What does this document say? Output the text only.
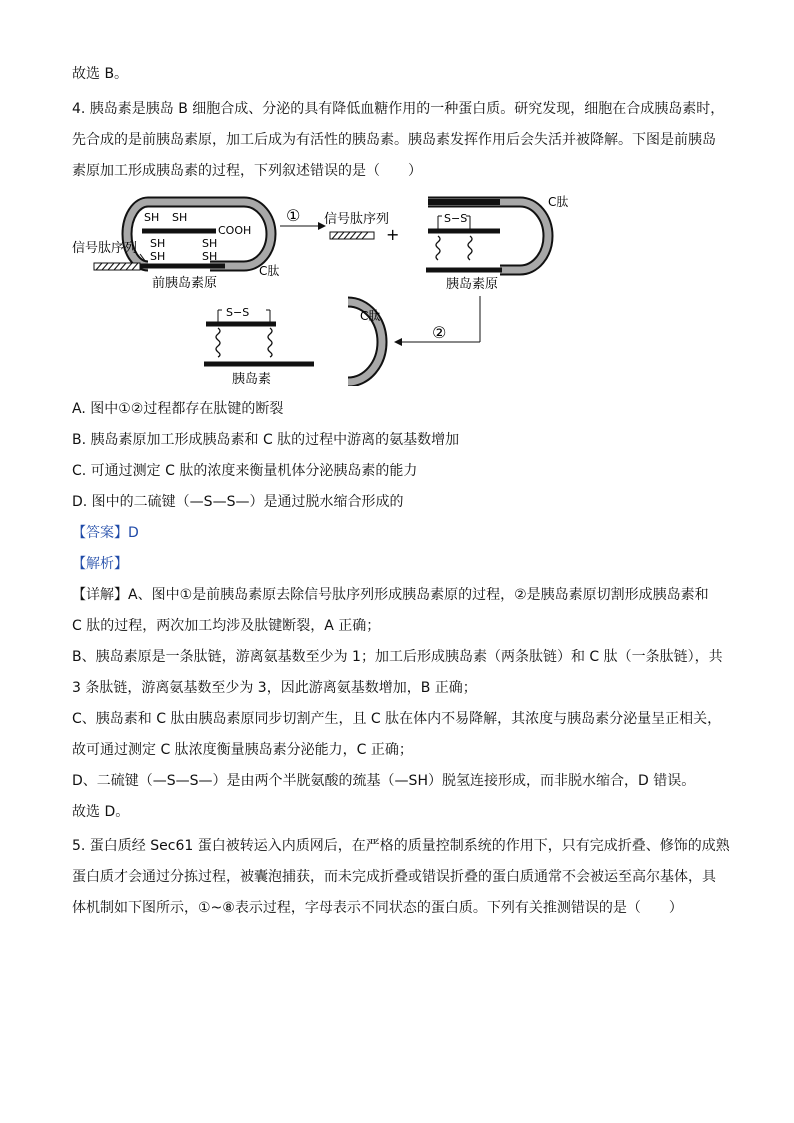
故选 B。
4. 胰岛素是胰岛 B 细胞合成、分泌的具有降低血糖作用的一种蛋白质。研究发现，细胞在合成胰岛素时，
先合成的是前胰岛素原，加工后成为有活性的胰岛素。胰岛素发挥作用后会失活并被降解。下图是前胰岛
素原加工形成胰岛素的过程，下列叙述错误的是（　　）
SH SH
COOH
SH
SH
SH
SH
信号肽序列
C肽
前胰岛素原
① 信号肽序列
+
S−S
C肽
胰岛素原
②
C肽
S−S
胰岛素
A. 图中①②过程都存在肽键的断裂
B. 胰岛素原加工形成胰岛素和 C 肽的过程中游离的氨基数增加
C. 可通过测定 C 肽的浓度来衡量机体分泌胰岛素的能力
D. 图中的二硫键（—S—S—）是通过脱水缩合形成的
【答案】D
【解析】
【详解】A、图中①是前胰岛素原去除信号肽序列形成胰岛素原的过程，②是胰岛素原切割形成胰岛素和
C 肽的过程，两次加工均涉及肽键断裂，A 正确；
B、胰岛素原是一条肽链，游离氨基数至少为 1；加工后形成胰岛素（两条肽链）和 C 肽（一条肽链），共
3 条肽链，游离氨基数至少为 3，因此游离氨基数增加，B 正确；
C、胰岛素和 C 肽由胰岛素原同步切割产生，且 C 肽在体内不易降解，其浓度与胰岛素分泌量呈正相关，
故可通过测定 C 肽浓度衡量胰岛素分泌能力，C 正确；
D、二硫键（—S—S—）是由两个半胱氨酸的巯基（—SH）脱氢连接形成，而非脱水缩合，D 错误。
故选 D。
5. 蛋白质经 Sec61 蛋白被转运入内质网后，在严格的质量控制系统的作用下，只有完成折叠、修饰的成熟
蛋白质才会通过分拣过程，被囊泡捕获，而未完成折叠或错误折叠的蛋白质通常不会被运至高尔基体，具
体机制如下图所示，①~⑧表示过程，字母表示不同状态的蛋白质。下列有关推测错误的是（　　）
